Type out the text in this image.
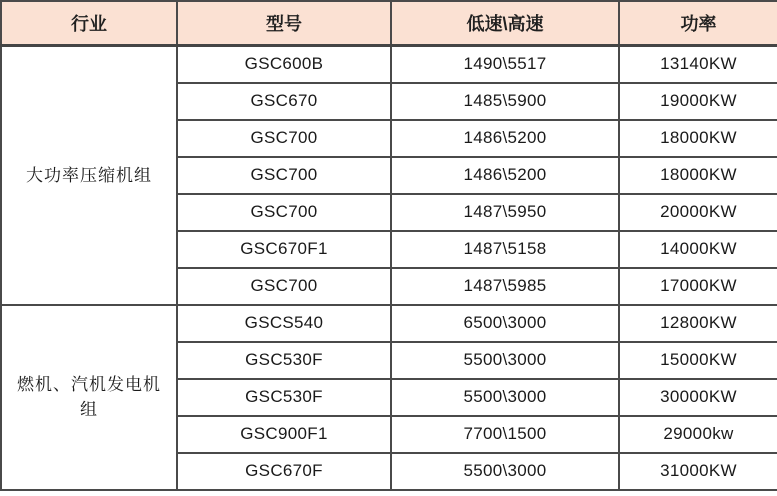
行业	型号	低速\高速	功率
大功率压缩机组	GSC600B	1490\5517	13140KW
	GSC670	1485\5900	19000KW
	GSC700	1486\5200	18000KW
	GSC700	1486\5200	18000KW
	GSC700	1487\5950	20000KW
	GSC670F1	1487\5158	14000KW
	GSC700	1487\5985	17000KW
燃机、汽机发电机组	GSCS540	6500\3000	12800KW
	GSC530F	5500\3000	15000KW
	GSC530F	5500\3000	30000KW
	GSC900F1	7700\1500	29000kw
	GSC670F	5500\3000	31000KW
